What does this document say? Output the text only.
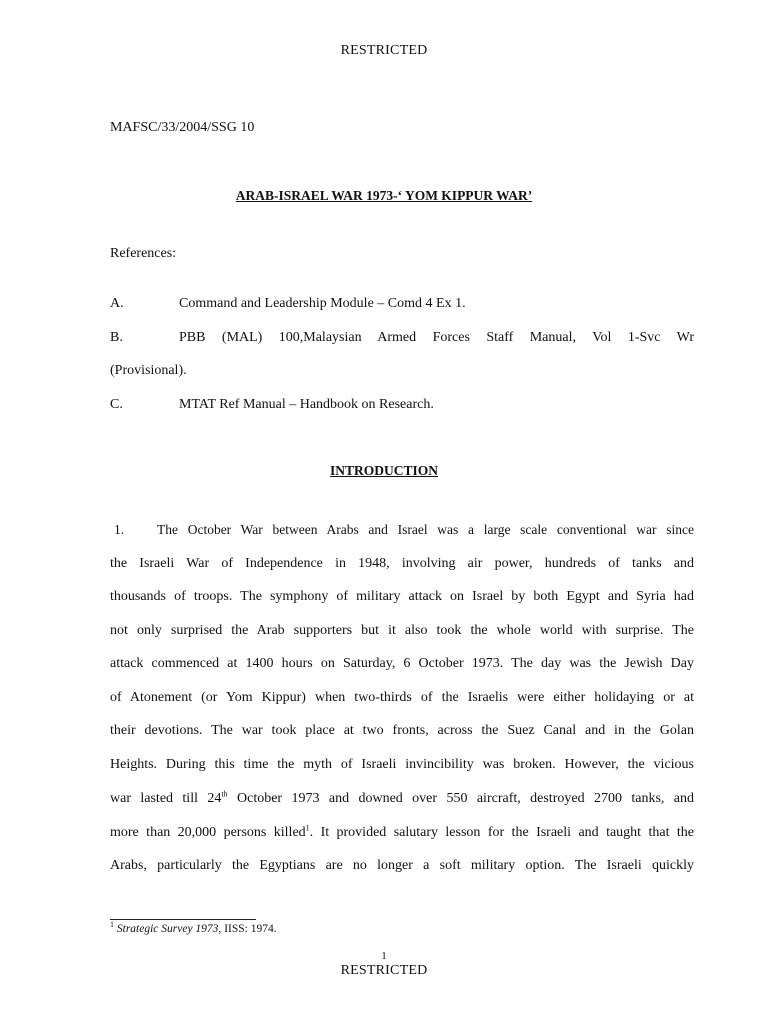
RESTRICTED
MAFSC/33/2004/SSG 10
ARAB-ISRAEL WAR 1973-‘ YOM KIPPUR WAR’
References:
A.	Command and Leadership Module – Comd 4 Ex 1.
B.	PBB (MAL) 100,Malaysian Armed Forces Staff Manual, Vol 1-Svc Wr
(Provisional).
C.	MTAT Ref Manual – Handbook on Research.
INTRODUCTION
1. The October War between Arabs and Israel was a large scale conventional war since
the Israeli War of Independence in 1948, involving air power, hundreds of tanks and
thousands of troops. The symphony of military attack on Israel by both Egypt and Syria had
not only surprised the Arab supporters but it also took the whole world with surprise. The
attack commenced at 1400 hours on Saturday, 6 October 1973. The day was the Jewish Day
of Atonement (or Yom Kippur) when two-thirds of the Israelis were either holidaying or at
their devotions. The war took place at two fronts, across the Suez Canal and in the Golan
Heights. During this time the myth of Israeli invincibility was broken. However, the vicious
war lasted till 24th October 1973 and downed over 550 aircraft, destroyed 2700 tanks, and
more than 20,000 persons killed$^1$. It provided salutary lesson for the Israeli and taught that the
Arabs, particularly the Egyptians are no longer a soft military option. The Israeli quickly
$^1$ Strategic Survey 1973, IISS: 1974.
1
RESTRICTED
